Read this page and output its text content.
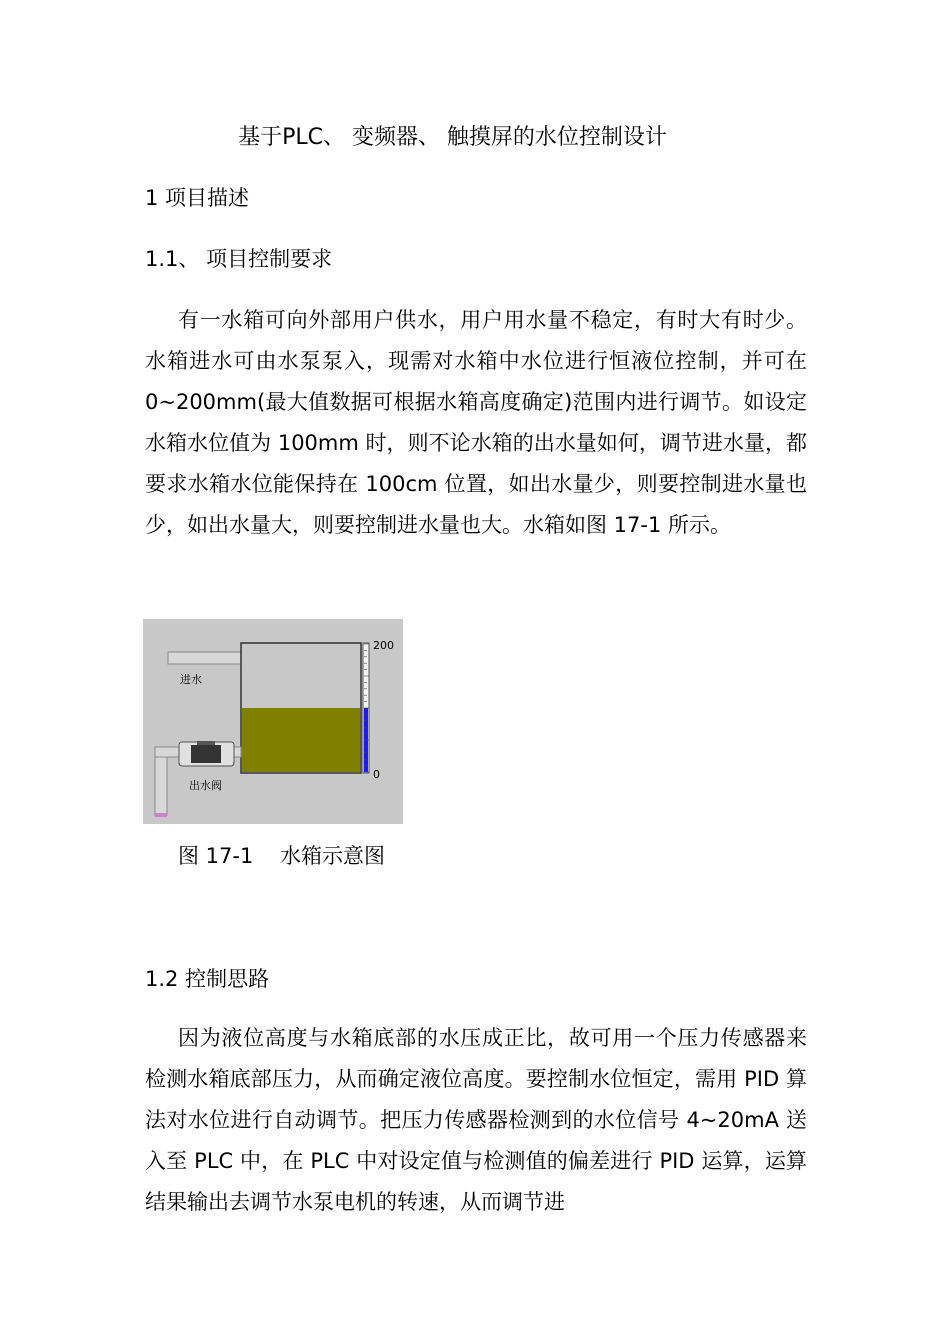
基于PLC、 变频器、 触摸屏的水位控制设计
1 项目描述
1.1、 项目控制要求
有一水箱可向外部用户供水，用户用水量不稳定，有时大有时少。水箱进水可由水泵泵入，现需对水箱中水位进行恒液位控制，并可在 0~200mm(最大值数据可根据水箱高度确定)范围内进行调节。如设定水箱水位值为 100mm 时，则不论水箱的出水量如何，调节进水量，都要求水箱水位能保持在 100cm 位置，如出水量少，则要控制进水量也少，如出水量大，则要控制进水量也大。水箱如图 17-1 所示。
进水
200
0
出水阀
图 17-1    水箱示意图
1.2 控制思路
因为液位高度与水箱底部的水压成正比，故可用一个压力传感器来检测水箱底部压力，从而确定液位高度。要控制水位恒定，需用 PID 算法对水位进行自动调节。把压力传感器检测到的水位信号 4~20mA 送入至 PLC 中，在 PLC 中对设定值与检测值的偏差进行 PID 运算，运算结果输出去调节水泵电机的转速，从而调节进
